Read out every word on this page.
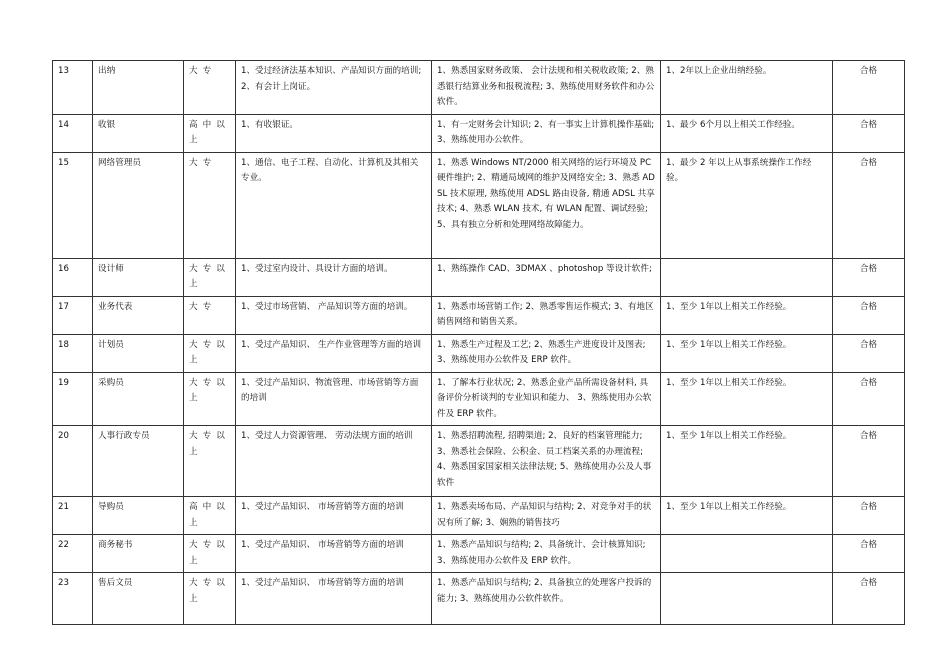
13	出纳	大专	1、受过经济法基本知识、产品知识方面的培训; 2、有会计上岗证。	1、熟悉国家财务政策、 会计法规和相关税收政策; 2、熟悉银行结算业务和报税流程; 3、熟练使用财务软件和办公软件。	1、2年以上企业出纳经验。	合格
14	收银	高中以上	1、有收银证。	1、有一定财务会计知识; 2、有一事实上计算机操作基础; 3、熟练使用办公软件。	1、最少 6个月以上相关工作经验。	合格
15	网络管理员	大专	1、通信、电子工程、自动化、计算机及其相关专业。	1、熟悉 Windows NT/2000 相关网络的运行环境及 PC 硬件维护; 2、精通局域网的维护及网络安全; 3、熟悉 ADSL 技术原理, 熟练使用 ADSL 路由设备, 精通 ADSL 共享技术; 4、熟悉 WLAN 技术, 有 WLAN 配置、调试经验; 5、具有独立分析和处理网络故障能力。	1、最少 2 年以上从事系统操作工作经验。	合格
16	设计师	大专以上	1、受过室内设计、具设计方面的培训。	1、熟练操作 CAD、3DMAX 、photoshop 等设计软件;		合格
17	业务代表	大专	1、受过市场营销、 产品知识等方面的培训。	1、熟悉市场营销工作; 2、熟悉零售运作模式; 3、有地区销售网络和销售关系。	1、至少 1年以上相关工作经验。	合格
18	计划员	大专以上	1、受过产品知识、 生产作业管理等方面的培训	1、熟悉生产过程及工艺; 2、熟悉生产进度设计及图表; 3、熟练使用办公软件及 ERP 软件。	1、至少 1年以上相关工作经验。	合格
19	采购员	大专以上	1、受过产品知识、物流管理、市场营销等方面的培训	1、了解本行业状况; 2、熟悉企业产品所需设备材料, 具备评价分析谈判的专业知识和能力、 3、熟练使用办公软件及 ERP 软件。	1、至少 1年以上相关工作经验。	合格
20	人事行政专员	大专以上	1、受过人力资源管理、 劳动法规方面的培训	1、熟悉招聘流程, 招聘渠道; 2、良好的档案管理能力; 3、熟悉社会保险、公积金、员工档案关系的办理流程; 4、熟悉国家国家相关法律法规; 5、熟练使用办公及人事软件	1、至少 1年以上相关工作经验。	合格
21	导购员	高中以上	1、受过产品知识、 市场营销等方面的培训	1、熟悉卖场布局、产品知识与结构; 2、对竞争对手的状况有所了解; 3、娴熟的销售技巧	1、至少 1年以上相关工作经验。	合格
22	商务秘书	大专以上	1、受过产品知识、 市场营销等方面的培训	1、熟悉产品知识与结构; 2、具备统计、会计核算知识; 3、熟练使用办公软件及 ERP 软件。		合格
23	售后文员	大专以上	1、受过产品知识、 市场营销等方面的培训	1、熟悉产品知识与结构; 2、具备独立的处理客户投诉的能力; 3、熟练使用办公软件软件。		合格
